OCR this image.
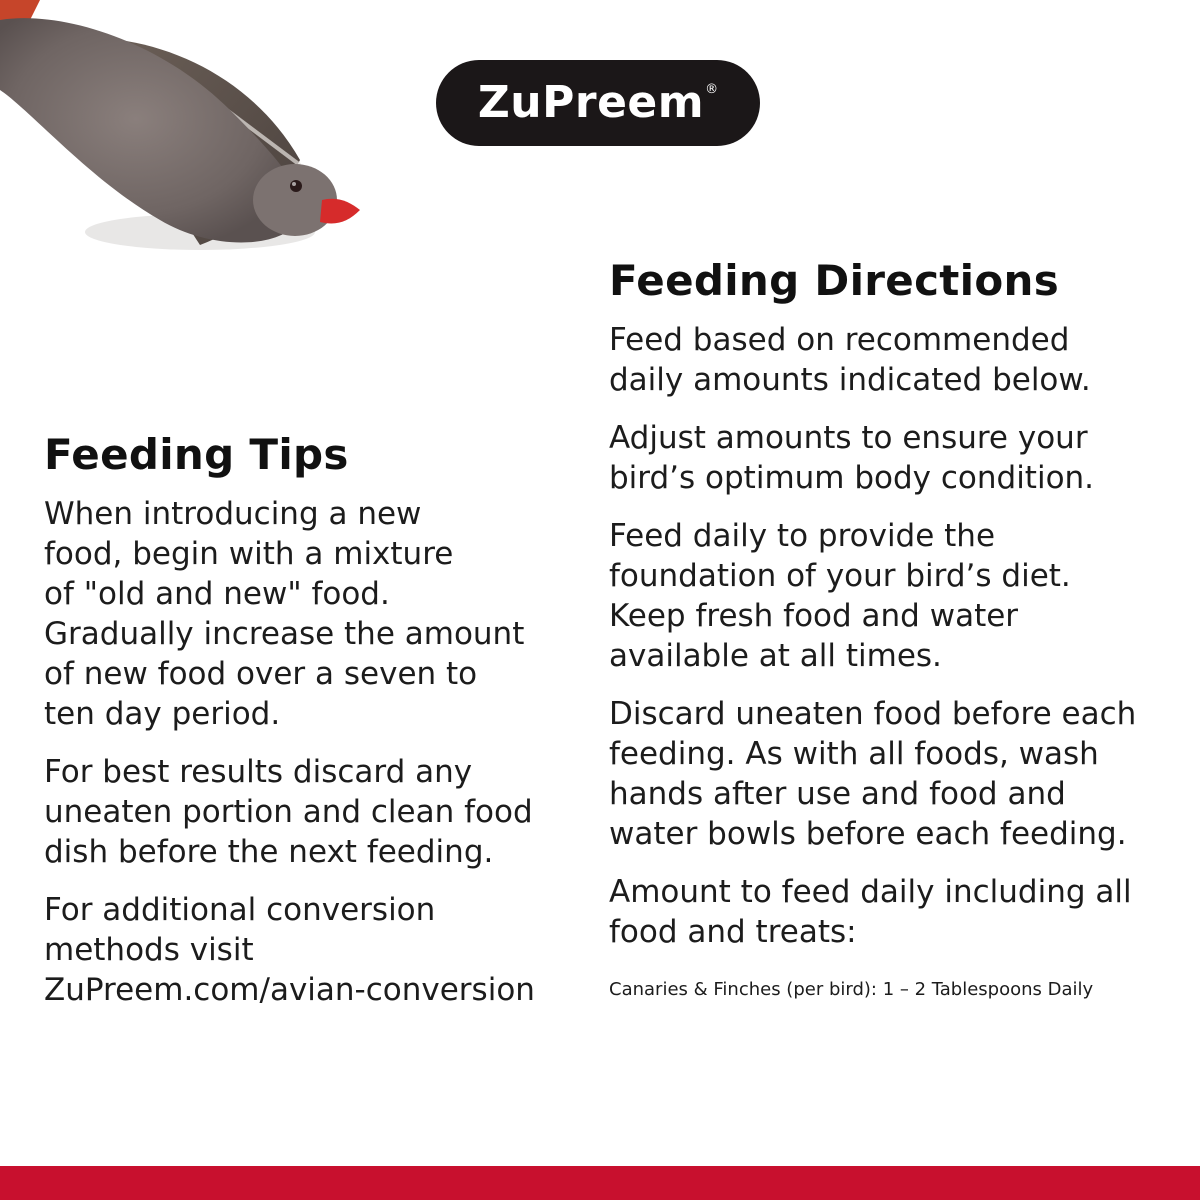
ZuPreem ®
Feeding Tips

When introducing a new
food, begin with a mixture
of "old and new" food.
Gradually increase the amount
of new food over a seven to
ten day period.

For best results discard any
uneaten portion and clean food
dish before the next feeding.

For additional conversion
methods visit
ZuPreem.com/avian-conversion

Feeding Directions

Feed based on recommended
daily amounts indicated below.

Adjust amounts to ensure your
bird’s optimum body condition.

Feed daily to provide the
foundation of your bird’s diet.
Keep fresh food and water
available at all times.

Discard uneaten food before each
feeding. As with all foods, wash
hands after use and food and
water bowls before each feeding.

Amount to feed daily including all
food and treats:

Canaries & Finches (per bird): 1 – 2 Tablespoons Daily
